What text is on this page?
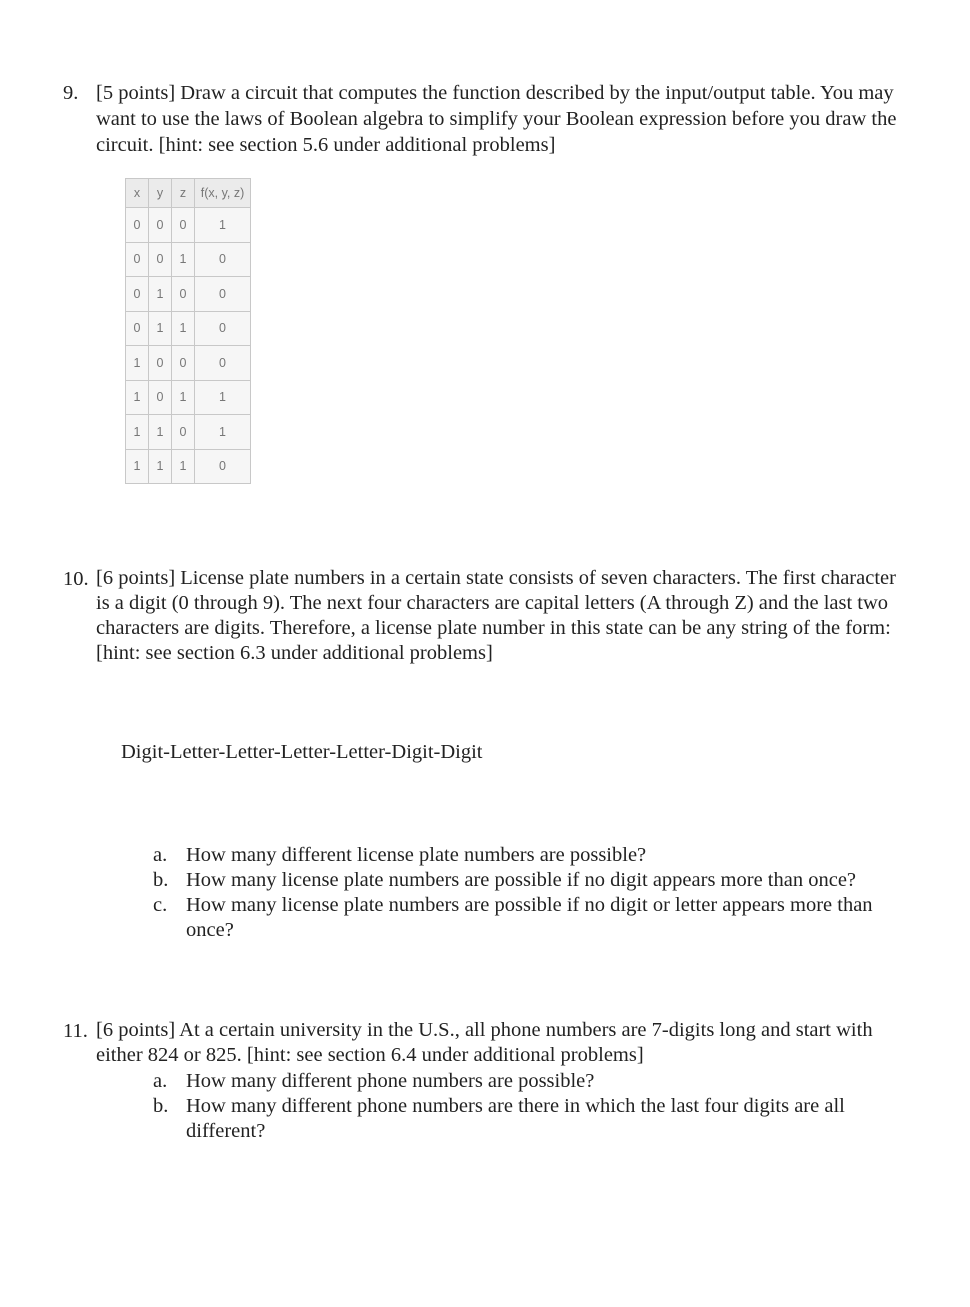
9. [5 points] Draw a circuit that computes the function described by the input/output table. You may want to use the laws of Boolean algebra to simplify your Boolean expression before you draw the circuit. [hint: see section 5.6 under additional problems]
x	y	z	f(x, y, z)
0	0	0	1
0	0	1	0
0	1	0	0
0	1	1	0
1	0	0	0
1	0	1	1
1	1	0	1
1	1	1	0
10. [6 points] License plate numbers in a certain state consists of seven characters. The first character is a digit (0 through 9). The next four characters are capital letters (A through Z) and the last two characters are digits. Therefore, a license plate number in this state can be any string of the form: [hint: see section 6.3 under additional problems]
Digit-Letter-Letter-Letter-Letter-Digit-Digit
a. How many different license plate numbers are possible?
b. How many license plate numbers are possible if no digit appears more than once?
c. How many license plate numbers are possible if no digit or letter appears more than once?
11. [6 points] At a certain university in the U.S., all phone numbers are 7-digits long and start with either 824 or 825. [hint: see section 6.4 under additional problems]
a. How many different phone numbers are possible?
b. How many different phone numbers are there in which the last four digits are all different?
